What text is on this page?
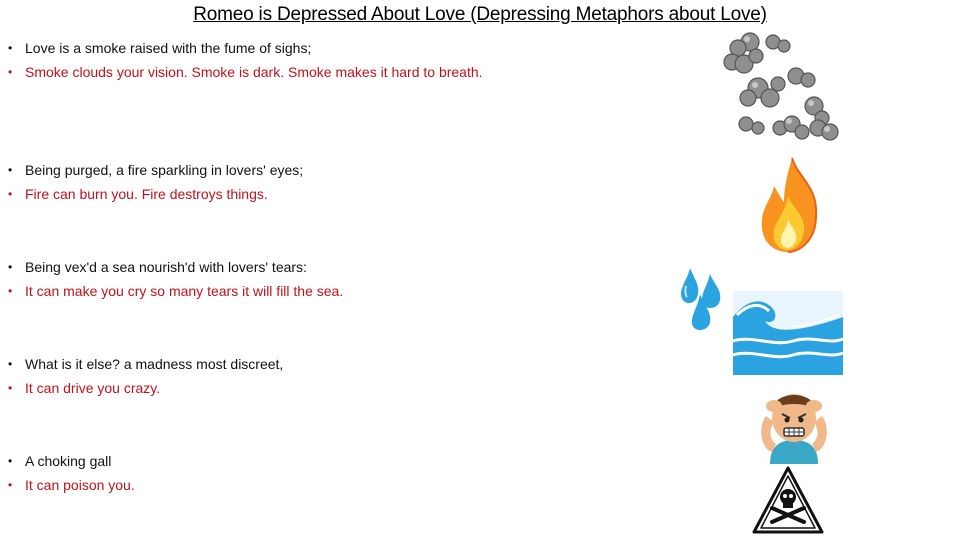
Romeo is Depressed About Love (Depressing Metaphors about Love)
• Love is a smoke raised with the fume of sighs;
• Smoke clouds your vision. Smoke is dark. Smoke makes it hard to breath.
• Being purged, a fire sparkling in lovers' eyes;
• Fire can burn you. Fire destroys things.
• Being vex'd a sea nourish'd with lovers' tears:
• It can make you cry so many tears it will fill the sea.
• What is it else? a madness most discreet,
• It can drive you crazy.
• A choking gall
• It can poison you.
